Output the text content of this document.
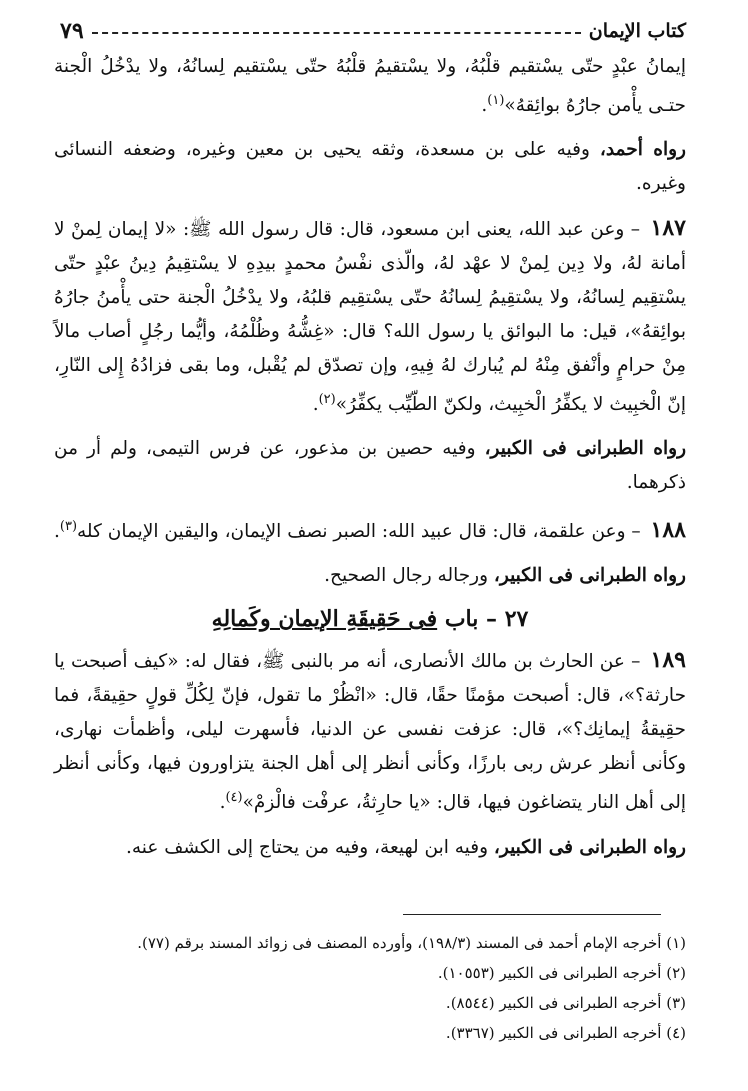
كتاب الإيمان
٧٩

إيمانُ عبْدٍ حتّى يسْتقيم قلْبُهُ، ولا يسْتقيمُ قلْبُهُ حتّى يسْتقيم لِسانُهُ، ولا يدْخُلُ الْجنة حتـى يأْمن جارُهُ بوائِقهُ»$^{(١)}$.

رواه أحمد، وفيه على بن مسعدة، وثقه يحيى بن معين وغيره، وضعفه النسائى وغيره.

١٨٧ – وعن عبد الله، يعنى ابن مسعود، قال: قال رسول الله ﷺ: «لا إيمان لِمنْ لا أمانة لهُ، ولا دِين لِمنْ لا عهْد لهُ، والّذى نفْسُ محمدٍ بيدِهِ لا يسْتقِيمُ دِينُ عبْدٍ حتّى يسْتقِيم لِسانُهُ، ولا يسْتقِيمُ لِسانُهُ حتّى يسْتقِيم قلبُهُ، ولا يدْخُلُ الْجنة حتى يأْمنُ جارُهُ بوائِقهُ»، قيل: ما البوائق يا رسول الله؟ قال: «غِشُّهُ وظُلْمُهُ، وأيُّما رجُلٍ أصاب مالاً مِنْ حرامٍ وأنْفق مِنْهُ لم يُبارك لهُ فِيهِ، وإن تصدّق لم يُقْبل، وما بقى فزادُهُ إِلى النّارِ، إنّ الْخبِيث لا يكفِّرُ الْخبِيث، ولكنّ الطّيِّب يكفِّرُ»$^{(٢)}$.

رواه الطبرانى فى الكبير، وفيه حصين بن مذعور، عن فرس التيمى، ولم أر من ذكرهما.

١٨٨ – وعن علقمة، قال: قال عبيد الله: الصبر نصف الإيمان، واليقين الإيمان كله$^{(٣)}$.

رواه الطبرانى فى الكبير، ورجاله رجال الصحيح.

٢٧ – باب فى حَقِيقَةِ الإيمان وكَمالِهِ

١٨٩ – عن الحارث بن مالك الأنصارى، أنه مر بالنبى ﷺ، فقال له: «كيف أصبحت يا حارثة؟»، قال: أصبحت مؤمنًا حقًا، قال: «انْظُرْ ما تقول، فإنّ لِكُلِّ قولٍ حقِيقةً، فما حقِيقةُ إيمانِك؟»، قال: عزفت نفسى عن الدنيا، فأسهرت ليلى، وأظمأت نهارى، وكأنى أنظر عرش ربى بارزًا، وكأنى أنظر إلى أهل الجنة يتزاورون فيها، وكأنى أنظر إلى أهل النار يتضاغون فيها، قال: «يا حارِثةُ، عرفْت فالْزمْ»$^{(٤)}$.

رواه الطبرانى فى الكبير، وفيه ابن لهيعة، وفيه من يحتاج إلى الكشف عنه.

(١) أخرجه الإمام أحمد فى المسند (١٩٨/٣)، وأورده المصنف فى زوائد المسند برقم (٧٧).
(٢) أخرجه الطبرانى فى الكبير (١٠٥٥٣).
(٣) أخرجه الطبرانى فى الكبير (٨٥٤٤).
(٤) أخرجه الطبرانى فى الكبير (٣٣٦٧).
